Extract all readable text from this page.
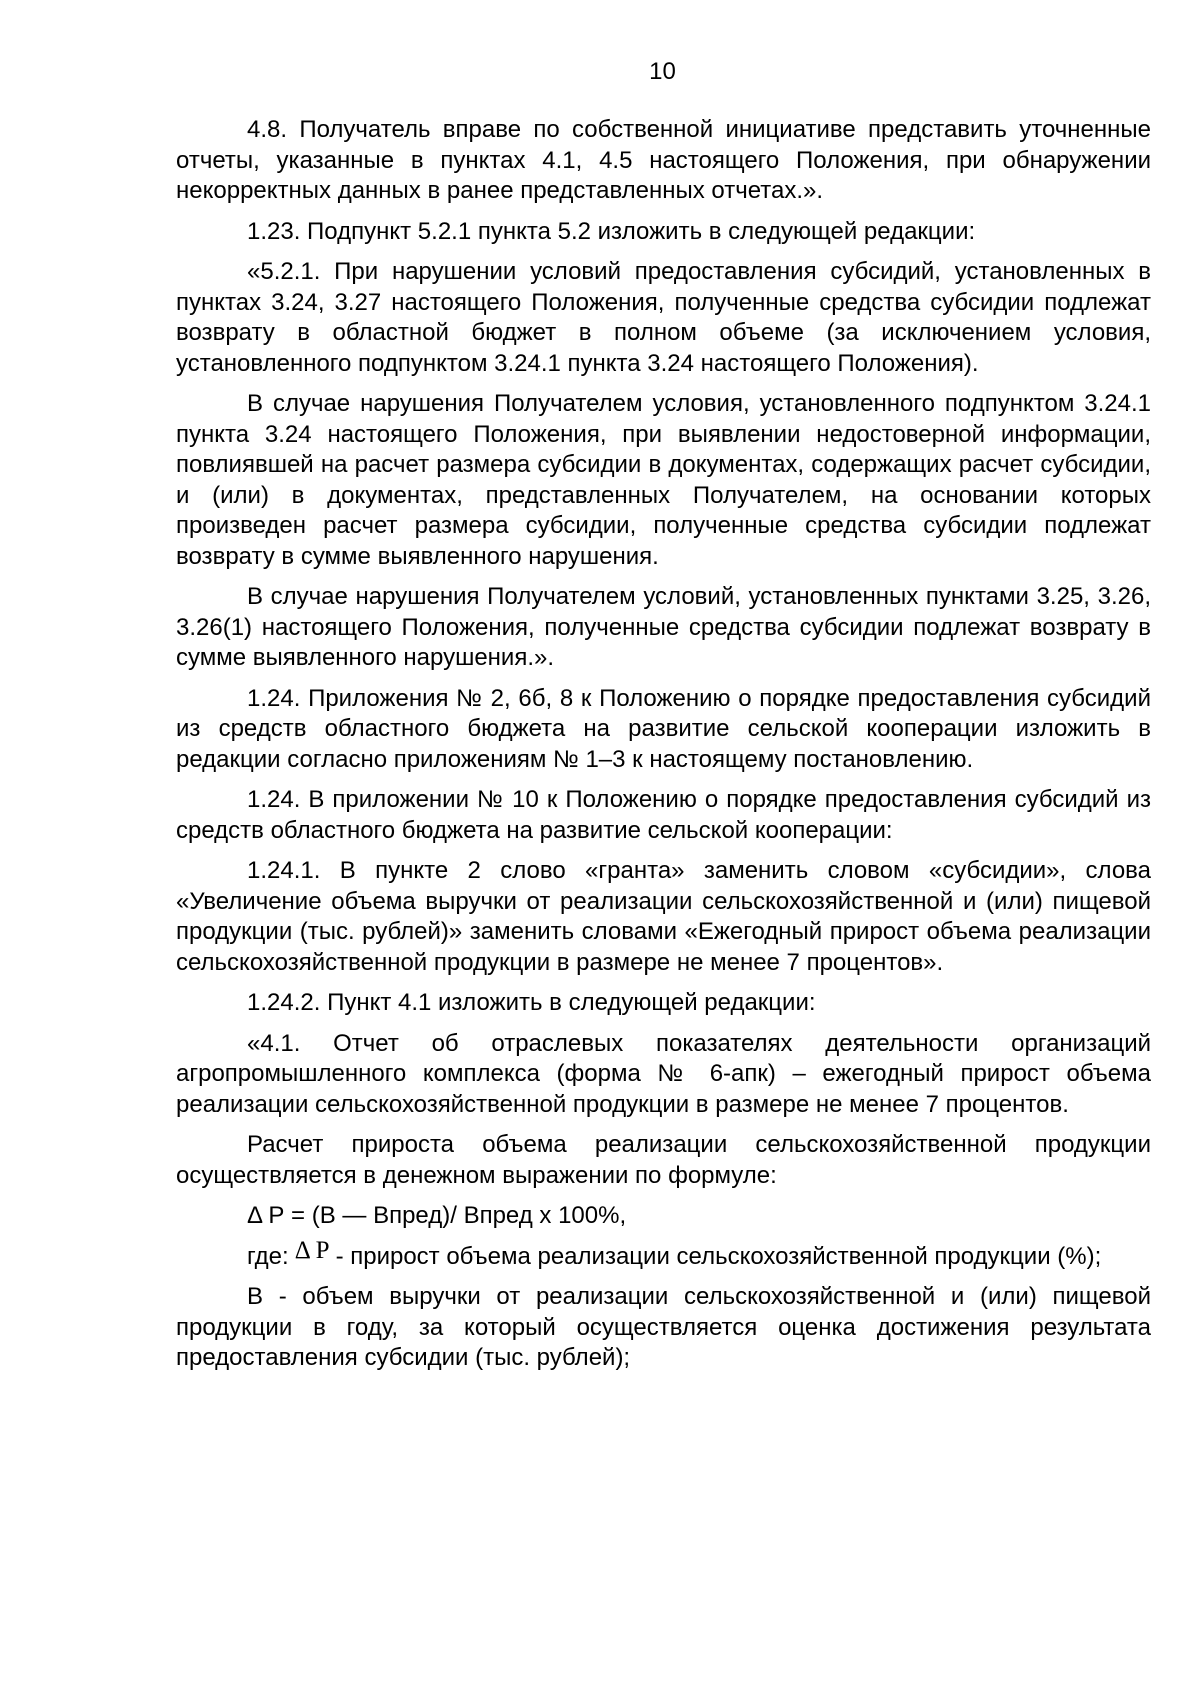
10

4.8. Получатель вправе по собственной инициативе представить уточненные отчеты, указанные в пунктах 4.1, 4.5 настоящего Положения, при обнаружении некорректных данных в ранее представленных отчетах.».

1.23. Подпункт 5.2.1 пункта 5.2 изложить в следующей редакции:

«5.2.1. При нарушении условий предоставления субсидий, установленных в пунктах 3.24, 3.27 настоящего Положения, полученные средства субсидии подлежат возврату в областной бюджет в полном объеме (за исключением условия, установленного подпунктом 3.24.1 пункта 3.24 настоящего Положения).

В случае нарушения Получателем условия, установленного подпунктом 3.24.1 пункта 3.24 настоящего Положения, при выявлении недостоверной информации, повлиявшей на расчет размера субсидии в документах, содержащих расчет субсидии, и (или) в документах, представленных Получателем, на основании которых произведен расчет размера субсидии, полученные средства субсидии подлежат возврату в сумме выявленного нарушения.

В случае нарушения Получателем условий, установленных пунктами 3.25, 3.26, 3.26(1) настоящего Положения, полученные средства субсидии подлежат возврату в сумме выявленного нарушения.».

1.24. Приложения № 2, 6б, 8 к Положению о порядке предоставления субсидий из средств областного бюджета на развитие сельской кооперации изложить в редакции согласно приложениям № 1–3 к настоящему постановлению.

1.24. В приложении № 10 к Положению о порядке предоставления субсидий из средств областного бюджета на развитие сельской кооперации:

1.24.1. В пункте 2 слово «гранта» заменить словом «субсидии», слова «Увеличение объема выручки от реализации сельскохозяйственной и (или) пищевой продукции (тыс. рублей)» заменить словами «Ежегодный прирост объема реализации сельскохозяйственной продукции в размере не менее 7 процентов».

1.24.2. Пункт 4.1 изложить в следующей редакции:

«4.1. Отчет об отраслевых показателях деятельности организаций агропромышленного комплекса (форма № 6-апк) – ежегодный прирост объема реализации сельскохозяйственной продукции в размере не менее 7 процентов.

Расчет прироста объема реализации сельскохозяйственной продукции осуществляется в денежном выражении по формуле:

Δ Р = (В — Впред)/ Впред х 100%,

где: Δ P - прирост объема реализации сельскохозяйственной продукции (%);

В - объем выручки от реализации сельскохозяйственной и (или) пищевой продукции в году, за который осуществляется оценка достижения результата предоставления субсидии (тыс. рублей);
